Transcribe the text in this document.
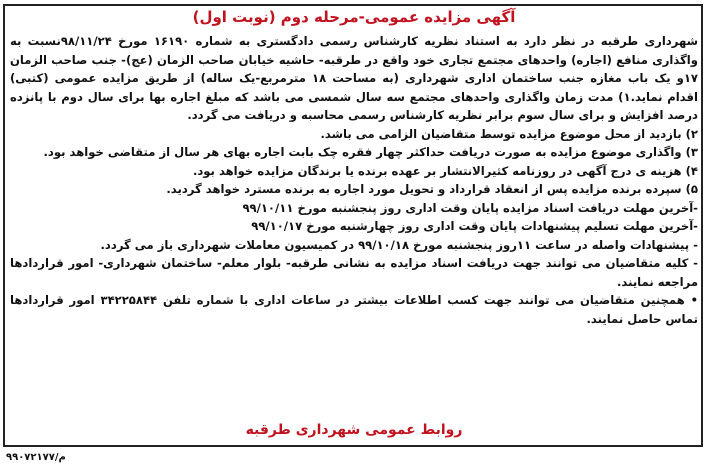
آگهی مزایده عمومی-مرحله دوم (نوبت اول)

شهرداری طرقبه در نظر دارد به استناد نظریه کارشناس رسمی دادگستری به شماره ۱۶۱۹۰ مورخ ۹۸/۱۱/۲۴نسبت به واگذاری منافع (اجاره) واحدهای مجتمع تجاری خود واقع در طرقبه- حاشیه خیابان صاحب الزمان (عج)- جنب صاحب الزمان ۱۷و یک باب مغازه جنب ساختمان اداری شهرداری (به مساحت ۱۸ مترمربع-یک ساله) از طریق مزایده عمومی (کتبی) اقدام نماید.۱) مدت زمان واگذاری واحدهای مجتمع سه سال شمسی می باشد که مبلغ اجاره بها برای سال دوم با پانزده درصد افزایش و برای سال سوم برابر نظریه کارشناس رسمی محاسبه و دریافت می گردد.

۲) بازدید از محل موضوع مزایده توسط متقاضیان الزامی می باشد.

۳) واگذاری موضوع مزایده به صورت دریافت حداکثر چهار فقره چک بابت اجاره بهای هر سال از متقاضی خواهد بود.

۴) هزینه ی درج آگهی در روزنامه کثیرالانتشار بر عهده برنده یا برندگان مزایده خواهد بود.

۵) سپرده برنده مزایده پس از انعقاد قرارداد و تحویل مورد اجاره به برنده مسترد خواهد گردید.

-آخرین مهلت دریافت اسناد مزایده پایان وقت اداری روز پنجشنبه مورخ ۹۹/۱۰/۱۱

-آخرین مهلت تسلیم پیشنهادات پایان وقت اداری روز چهارشنبه مورخ ۹۹/۱۰/۱۷

- پیشنهادات واصله در ساعت ۱۱روز پنجشنبه مورخ ۹۹/۱۰/۱۸ در کمیسیون معاملات شهرداری باز می گردد.

- کلیه متقاضیان می توانند جهت دریافت اسناد مزایده به نشانی طرقبه- بلوار معلم- ساختمان شهرداری- امور قراردادها مراجعه نمایند.

• همچنین متقاضیان می توانند جهت کسب اطلاعات بیشتر در ساعات اداری با شماره تلفن ۳۴۲۲۵۸۴۴ امور قراردادها تماس حاصل نمایند.

روابط عمومی شهرداری طرقبه
م/۹۹۰۷۲۱۷۷
